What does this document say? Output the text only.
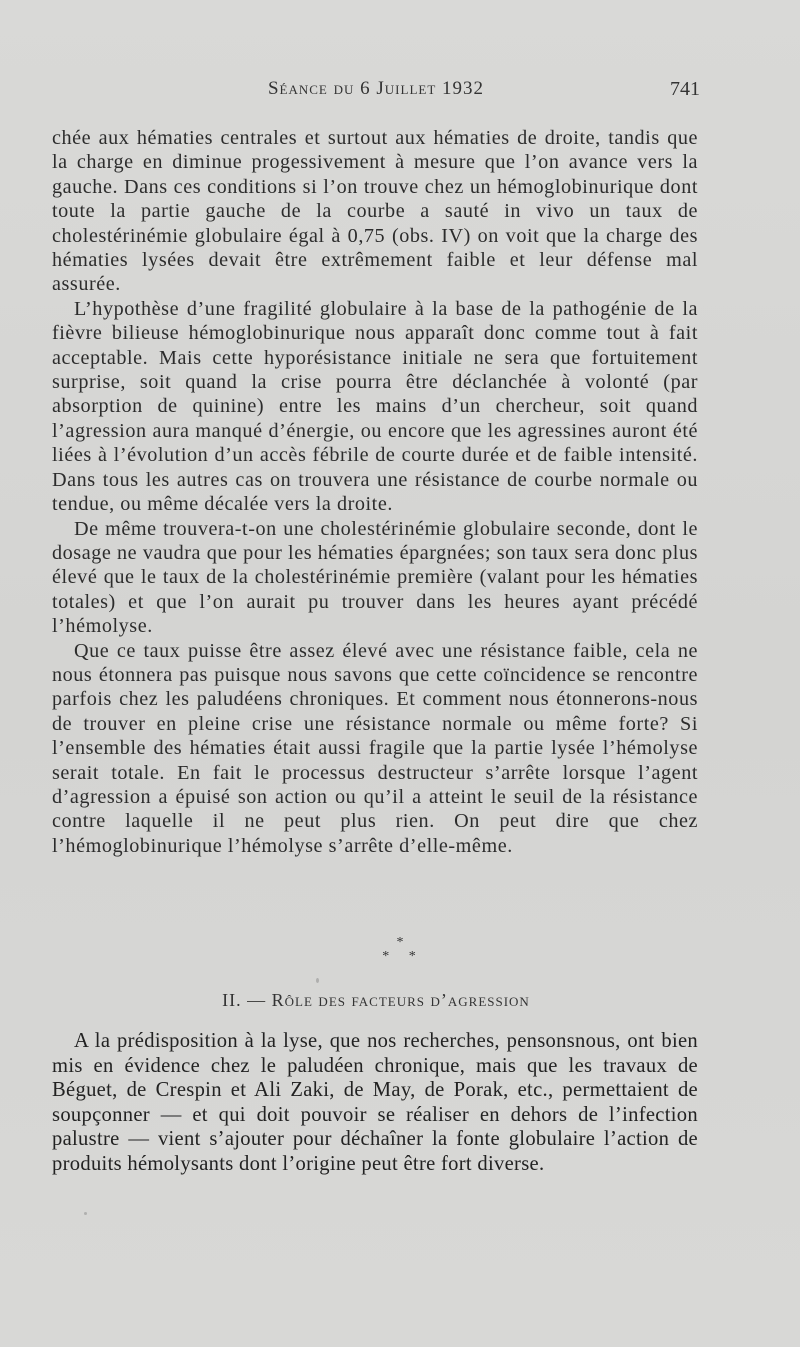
Séance du 6 Juillet 1932	741

chée aux hématies centrales et surtout aux hématies de droite, tandis que la charge en diminue progessivement à mesure que l’on avance vers la gauche. Dans ces conditions si l’on trouve chez un hémoglobinurique dont toute la partie gauche de la courbe a sauté in vivo un taux de cholestérinémie globulaire égal à 0,75 (obs. IV) on voit que la charge des hématies lysées devait être extrêmement faible et leur défense mal assurée.

L’hypothèse d’une fragilité globulaire à la base de la pathogénie de la fièvre bilieuse hémoglobinurique nous apparaît donc comme tout à fait acceptable. Mais cette hyporésistance initiale ne sera que fortuitement surprise, soit quand la crise pourra être déclanchée à volonté (par absorption de quinine) entre les mains d’un chercheur, soit quand l’agression aura manqué d’énergie, ou encore que les agressines auront été liées à l’évolution d’un accès fébrile de courte durée et de faible intensité. Dans tous les autres cas on trouvera une résistance de courbe normale ou tendue, ou même décalée vers la droite.

De même trouvera-t-on une cholestérinémie globulaire seconde, dont le dosage ne vaudra que pour les hématies épargnées; son taux sera donc plus élevé que le taux de la cholestérinémie première (valant pour les hématies totales) et que l’on aurait pu trouver dans les heures ayant précédé l’hémolyse.

Que ce taux puisse être assez élevé avec une résistance faible, cela ne nous étonnera pas puisque nous savons que cette coïncidence se rencontre parfois chez les paludéens chroniques. Et comment nous étonnerons-nous de trouver en pleine crise une résistance normale ou même forte? Si l’ensemble des hématies était aussi fragile que la partie lysée l’hémolyse serait totale. En fait le processus destructeur s’arrête lorsque l’agent d’agression a épuisé son action ou qu’il a atteint le seuil de la résistance contre laquelle il ne peut plus rien. On peut dire que chez l’hémoglobinurique l’hémolyse s’arrête d’elle-même.

*
* *
II. — Rôle des facteurs d’agression

A la prédisposition à la lyse, que nos recherches, pensonsnous, ont bien mis en évidence chez le paludéen chronique, mais que les travaux de Béguet, de Crespin et Ali Zaki, de May, de Porak, etc., permettaient de soupçonner — et qui doit pouvoir se réaliser en dehors de l’infection palustre — vient s’ajouter pour déchaîner la fonte globulaire l’action de produits hémolysants dont l’origine peut être fort diverse.
